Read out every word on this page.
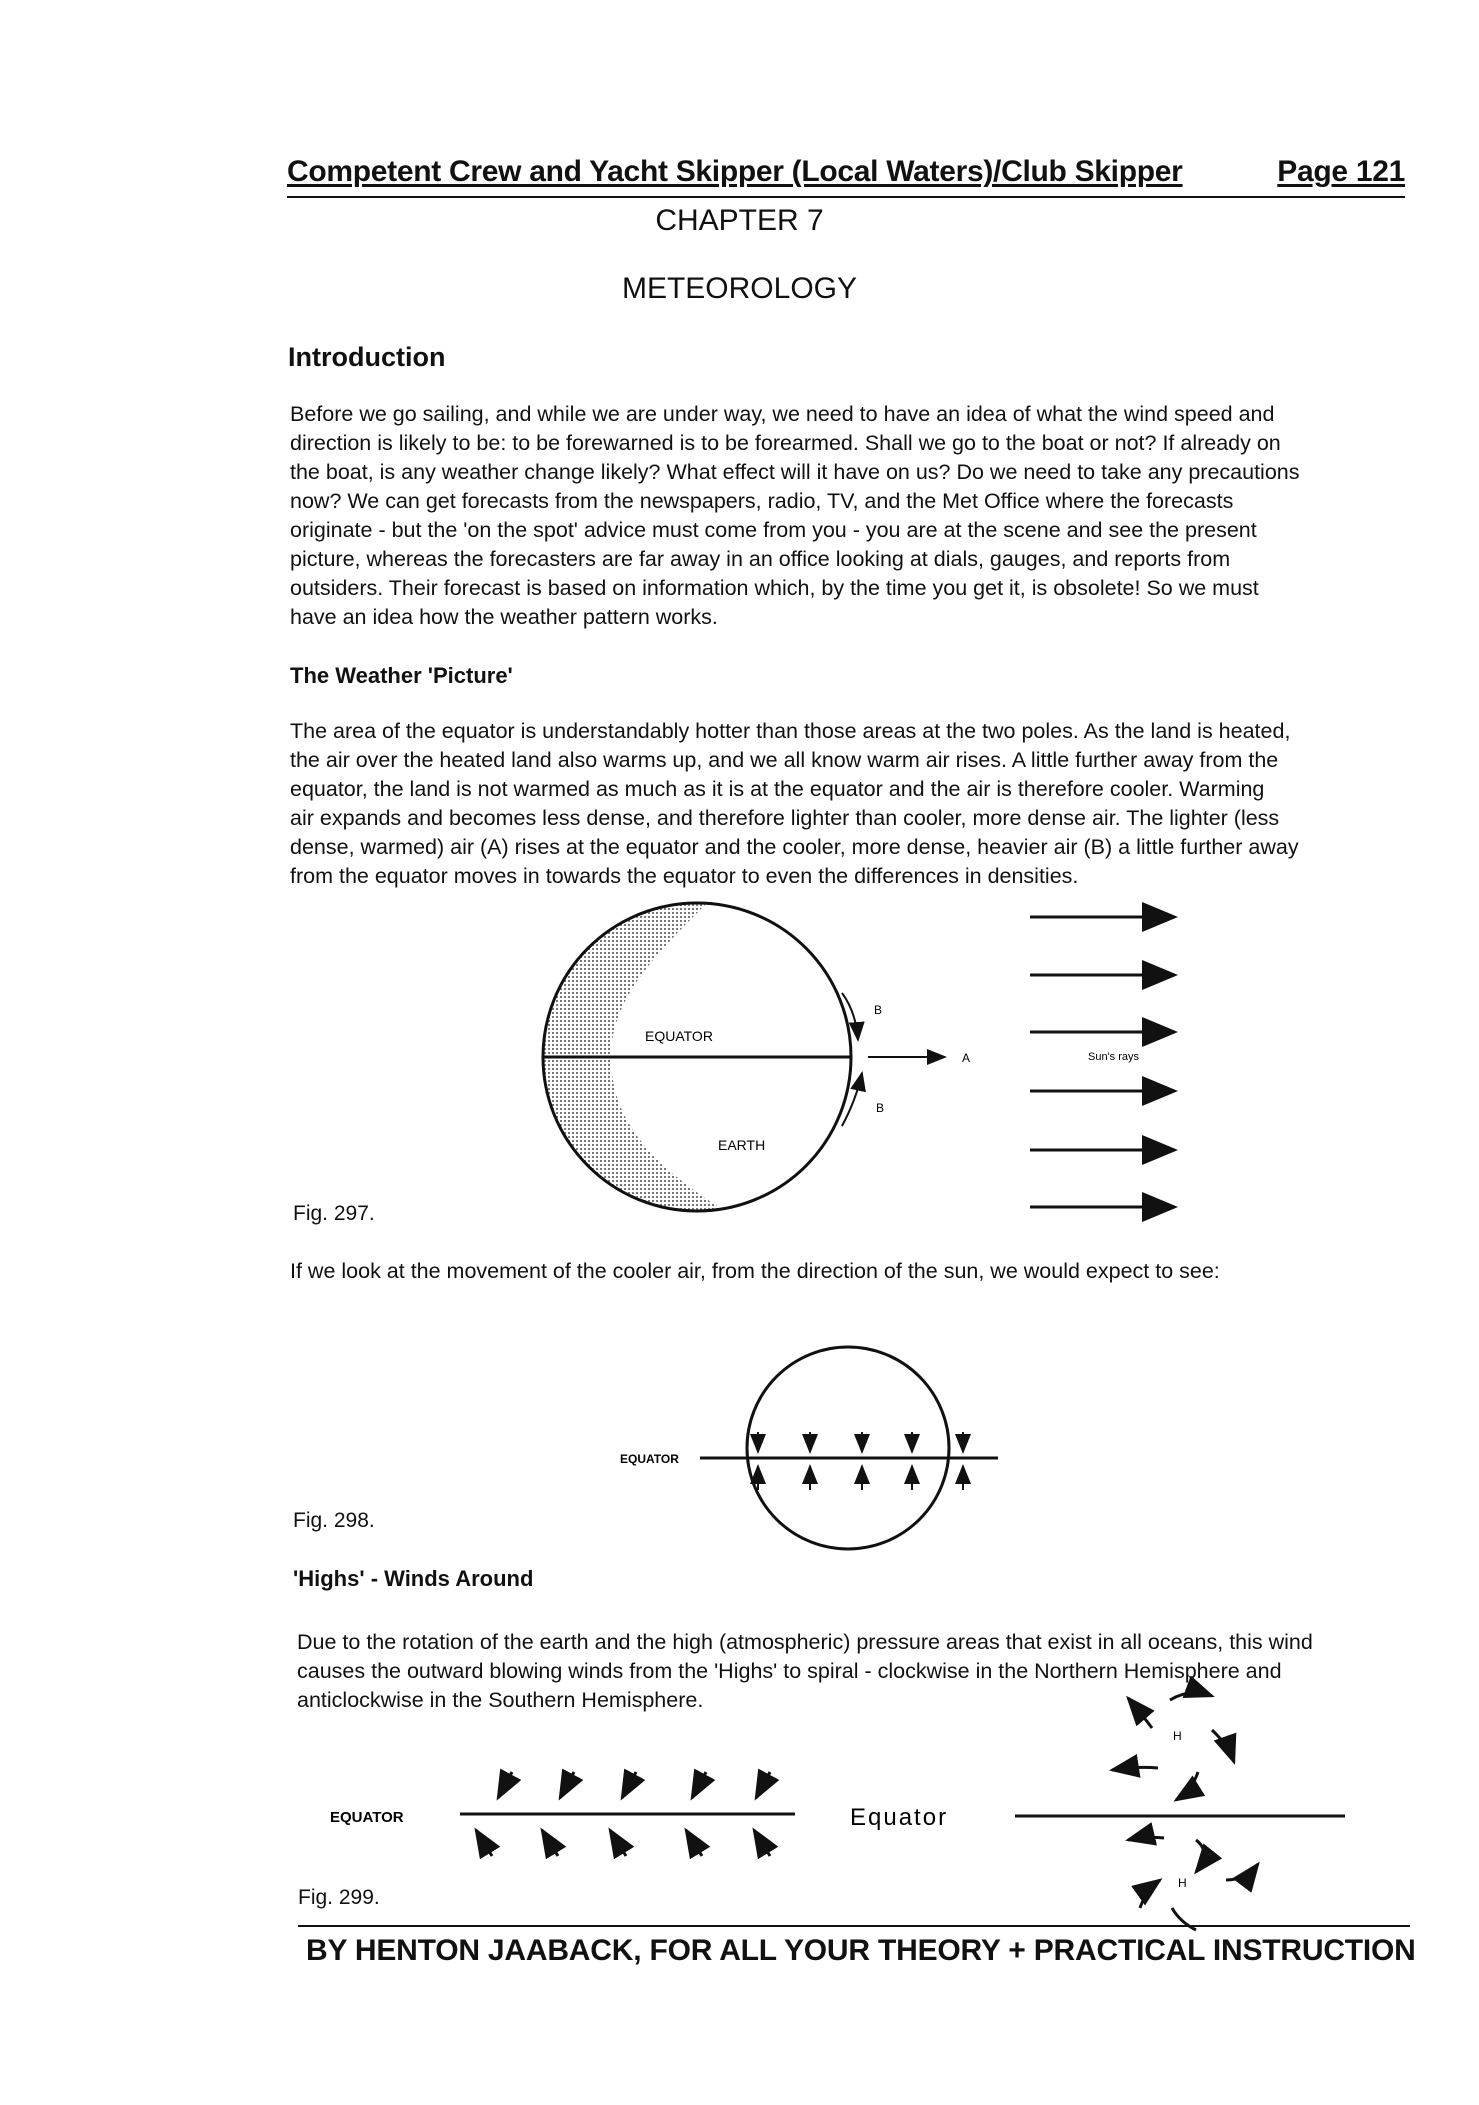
Competent Crew and Yacht Skipper (Local Waters)/Club Skipper	Page 121
CHAPTER 7
METEOROLOGY
Introduction
Before we go sailing, and while we are under way, we need to have an idea of what the wind speed and
direction is likely to be: to be forewarned is to be forearmed. Shall we go to the boat or not? If already on
the boat, is any weather change likely? What effect will it have on us? Do we need to take any precautions
now? We can get forecasts from the newspapers, radio, TV, and the Met Office where the forecasts
originate - but the 'on the spot' advice must come from you - you are at the scene and see the present
picture, whereas the forecasters are far away in an office looking at dials, gauges, and reports from
outsiders. Their forecast is based on information which, by the time you get it, is obsolete! So we must
have an idea how the weather pattern works.
The Weather 'Picture'
The area of the equator is understandably hotter than those areas at the two poles. As the land is heated,
the air over the heated land also warms up, and we all know warm air rises. A little further away from the
equator, the land is not warmed as much as it is at the equator and the air is therefore cooler. Warming
air expands and becomes less dense, and therefore lighter than cooler, more dense air. The lighter (less
dense, warmed) air (A) rises at the equator and the cooler, more dense, heavier air (B) a little further away
from the equator moves in towards the equator to even the differences in densities.
EQUATOR
EARTH
B
B
A	Sun's rays
EQUATOR
EQUATOR	Equator
H
H
Fig. 297.
If we look at the movement of the cooler air, from the direction of the sun, we would expect to see:
Fig. 298.
'Highs' - Winds Around
Due to the rotation of the earth and the high (atmospheric) pressure areas that exist in all oceans, this wind
causes the outward blowing winds from the 'Highs' to spiral - clockwise in the Northern Hemisphere and
anticlockwise in the Southern Hemisphere.
Fig. 299.
BY HENTON JAABACK, FOR ALL YOUR THEORY + PRACTICAL INSTRUCTION
